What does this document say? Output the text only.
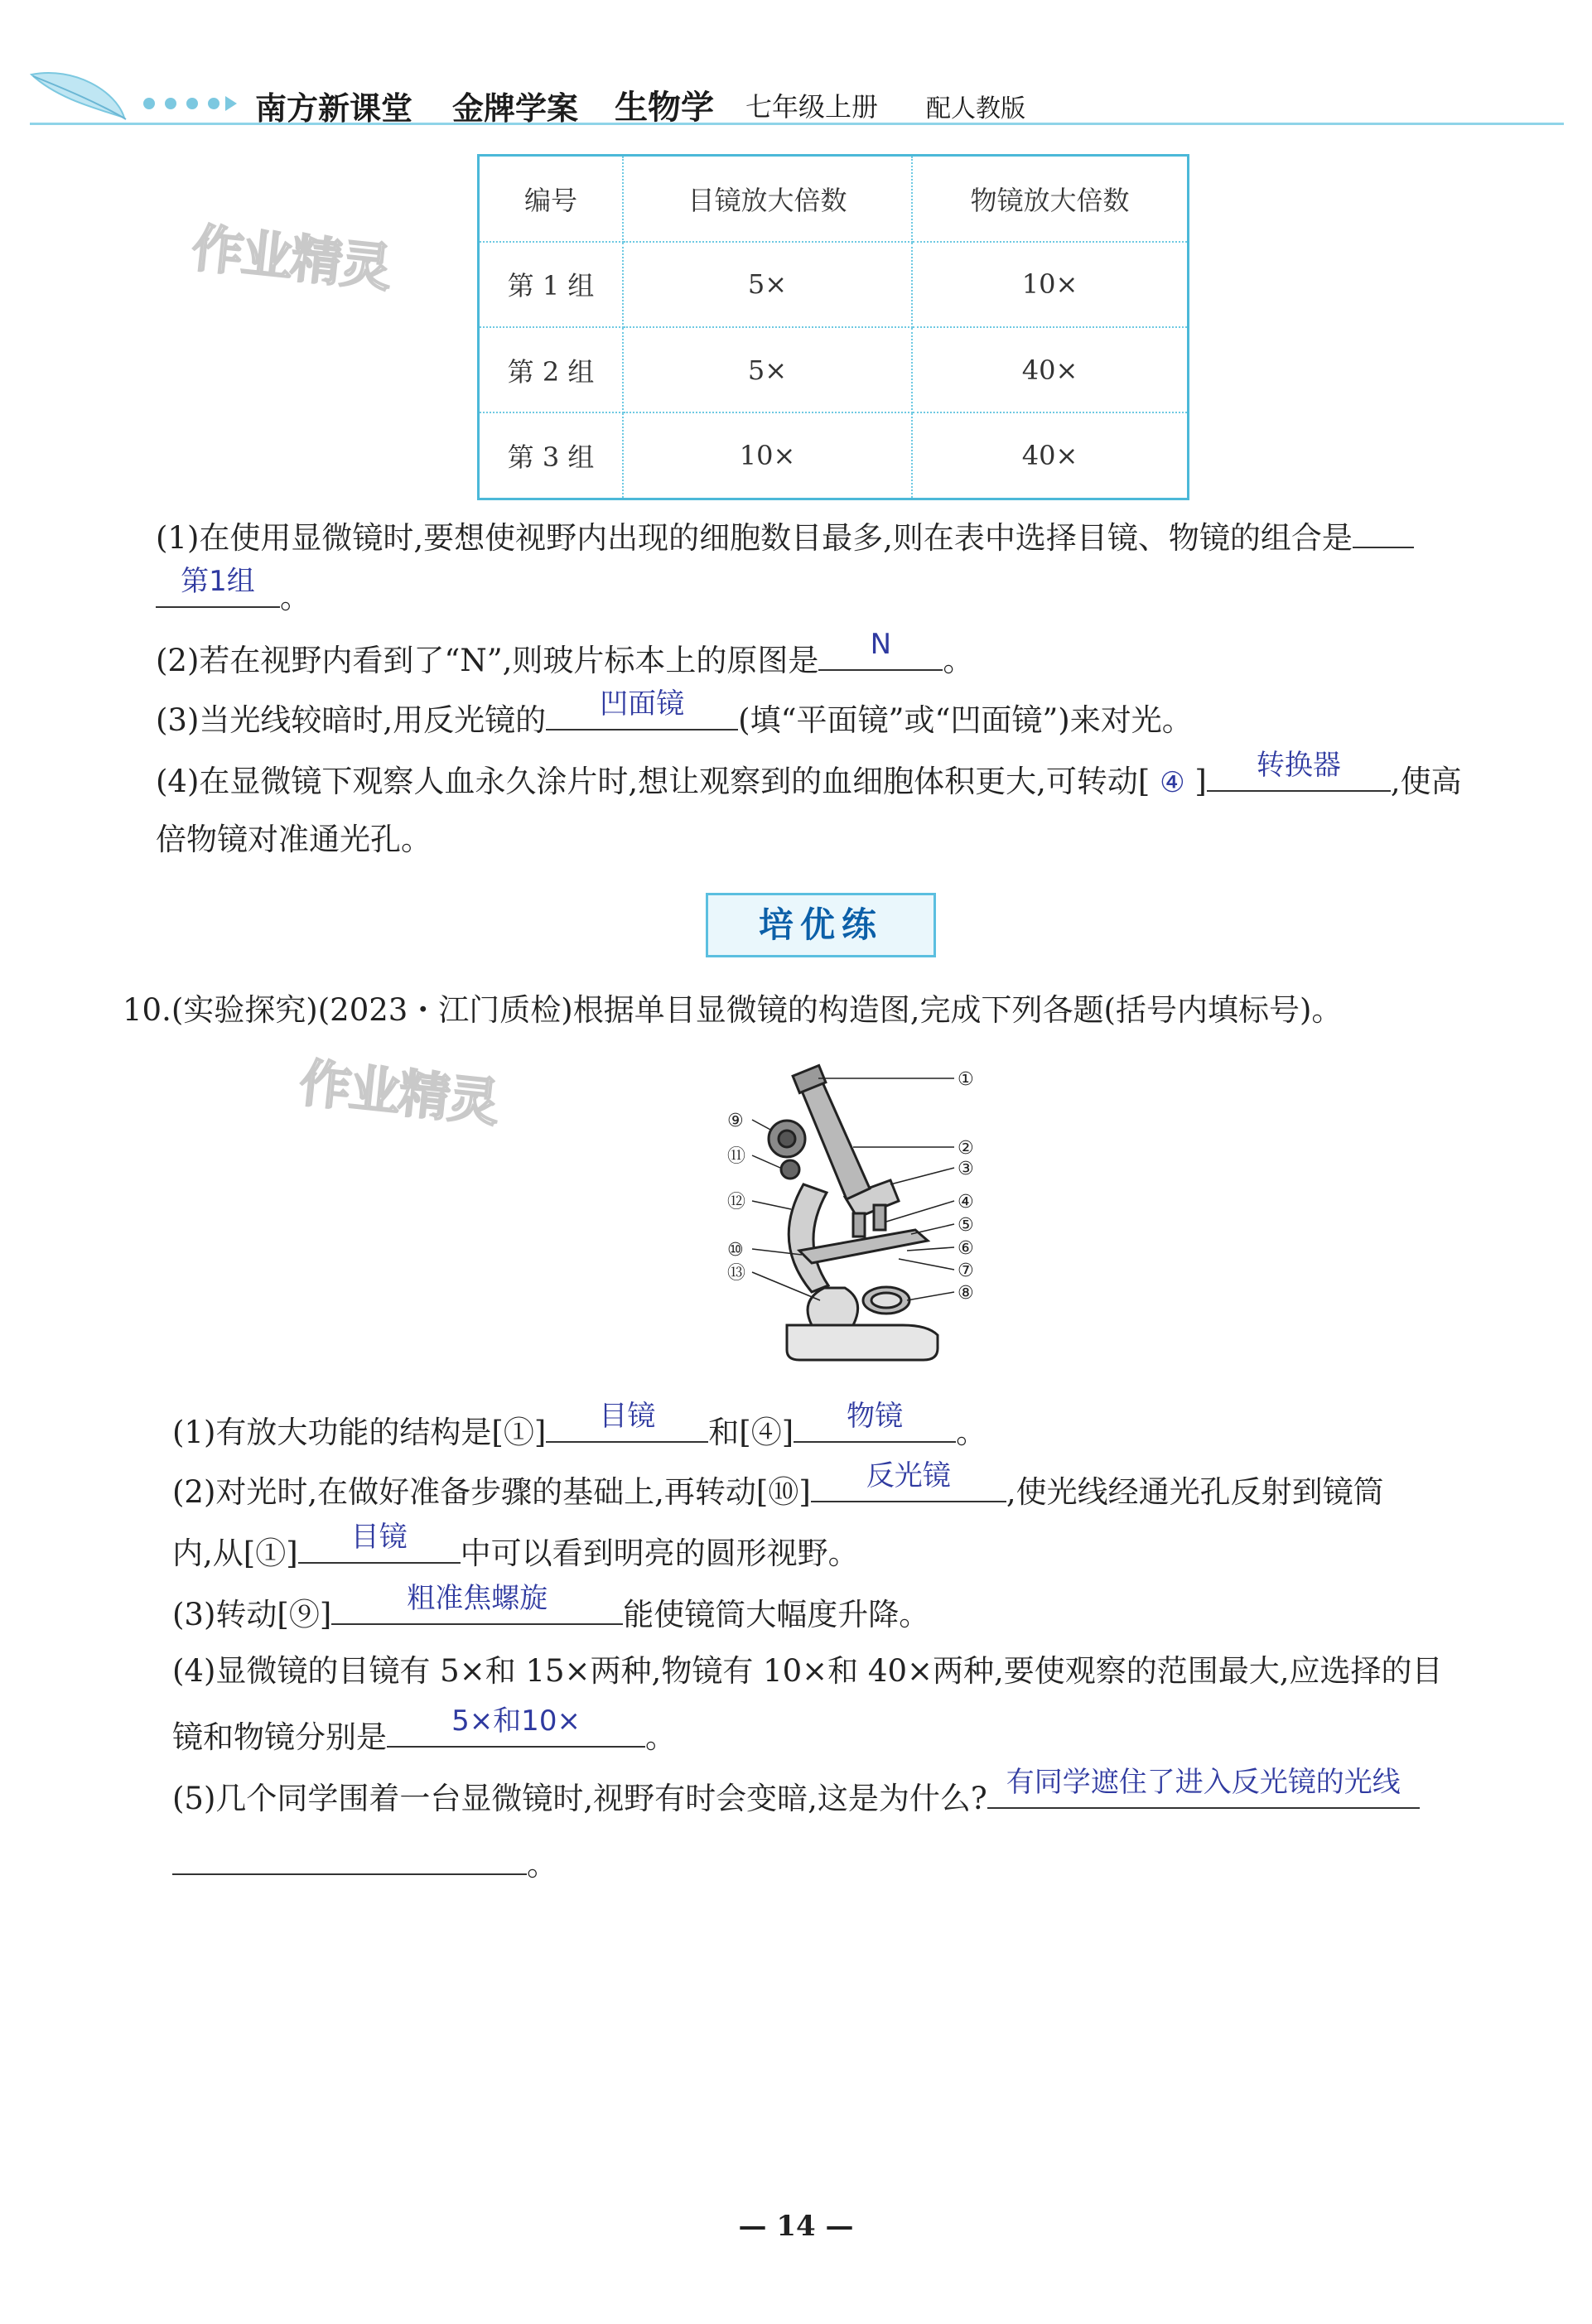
南方新课堂 金牌学案 生物学 七年级上册 配人教版
作业精灵
作业精灵
编号	目镜放大倍数	物镜放大倍数
第 1 组	5×	10×
第 2 组	5×	40×
第 3 组	10×	40×
(1)在使用显微镜时,要想使视野内出现的细胞数目最多,则在表中选择目镜、物镜的组合是
第1组 。
(2)若在视野内看到了“N”,则玻片标本上的原图是	N	。
(3)当光线较暗时,用反光镜的	凹面镜	(填“平面镜”或“凹面镜”)来对光。
(4)在显微镜下观察人血永久涂片时,想让观察到的血细胞体积更大,可转动[ ④ ]	转换器	,使高
倍物镜对准通光孔。
培优练
10.(实验探究)(2023・江门质检)根据单目显微镜的构造图,完成下列各题(括号内填标号)。
①
②
③
④
⑤
⑥
⑦
⑧
⑨
⑪
⑫
⑩
⑬
(1)有放大功能的结构是[①]	目镜	和[④]	物镜	。
(2)对光时,在做好准备步骤的基础上,再转动[⑩]	反光镜	,使光线经通光孔反射到镜筒
内,从[①]	目镜	中可以看到明亮的圆形视野。
(3)转动[⑨]	粗准焦螺旋	能使镜筒大幅度升降。
(4)显微镜的目镜有 5×和 15×两种,物镜有 10×和 40×两种,要使观察的范围最大,应选择的目
镜和物镜分别是	5×和10×	。
(5)几个同学围着一台显微镜时,视野有时会变暗,这是为什么? 有同学遮住了进入反光镜的光线
。
— 14 —
